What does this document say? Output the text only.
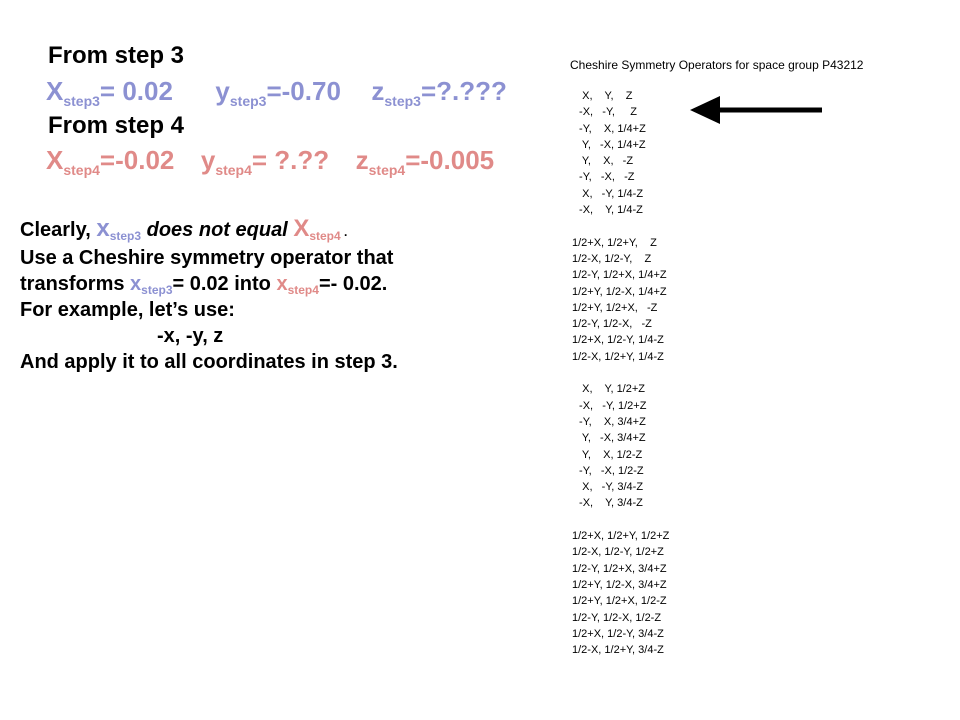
From step 3
$X_{step3}= 0.02$ $y_{step3}=-0.70$ $z_{step3}=$?.???
From step 4
$X_{step4}=-0.02$ $y_{step4}=$ ?.?? $z_{step4}=-0.005$
Clearly, $x_{step3}$ does not equal $X_{step4}$ .
Use a Cheshire symmetry operator that
transforms $x_{step3}= 0.02$ into $x_{step4}=-$ 0.02.
For example, let’s use:
-x, -y, z
And apply it to all coordinates in step 3.
Cheshire Symmetry Operators for space group P43212
X,    Y,    Z
-X,   -Y,     Z
-Y,    X, 1/4+Z
Y,   -X, 1/4+Z
Y,    X,   -Z
-Y,   -X,   -Z
X,   -Y, 1/4-Z
-X,    Y, 1/4-Z
1/2+X, 1/2+Y,    Z
1/2-X, 1/2-Y,    Z
1/2-Y, 1/2+X, 1/4+Z
1/2+Y, 1/2-X, 1/4+Z
1/2+Y, 1/2+X,   -Z
1/2-Y, 1/2-X,   -Z
1/2+X, 1/2-Y, 1/4-Z
1/2-X, 1/2+Y, 1/4-Z
X,    Y, 1/2+Z
-X,   -Y, 1/2+Z
-Y,    X, 3/4+Z
Y,   -X, 3/4+Z
Y,    X, 1/2-Z
-Y,   -X, 1/2-Z
X,   -Y, 3/4-Z
-X,    Y, 3/4-Z
1/2+X, 1/2+Y, 1/2+Z
1/2-X, 1/2-Y, 1/2+Z
1/2-Y, 1/2+X, 3/4+Z
1/2+Y, 1/2-X, 3/4+Z
1/2+Y, 1/2+X, 1/2-Z
1/2-Y, 1/2-X, 1/2-Z
1/2+X, 1/2-Y, 3/4-Z
1/2-X, 1/2+Y, 3/4-Z
